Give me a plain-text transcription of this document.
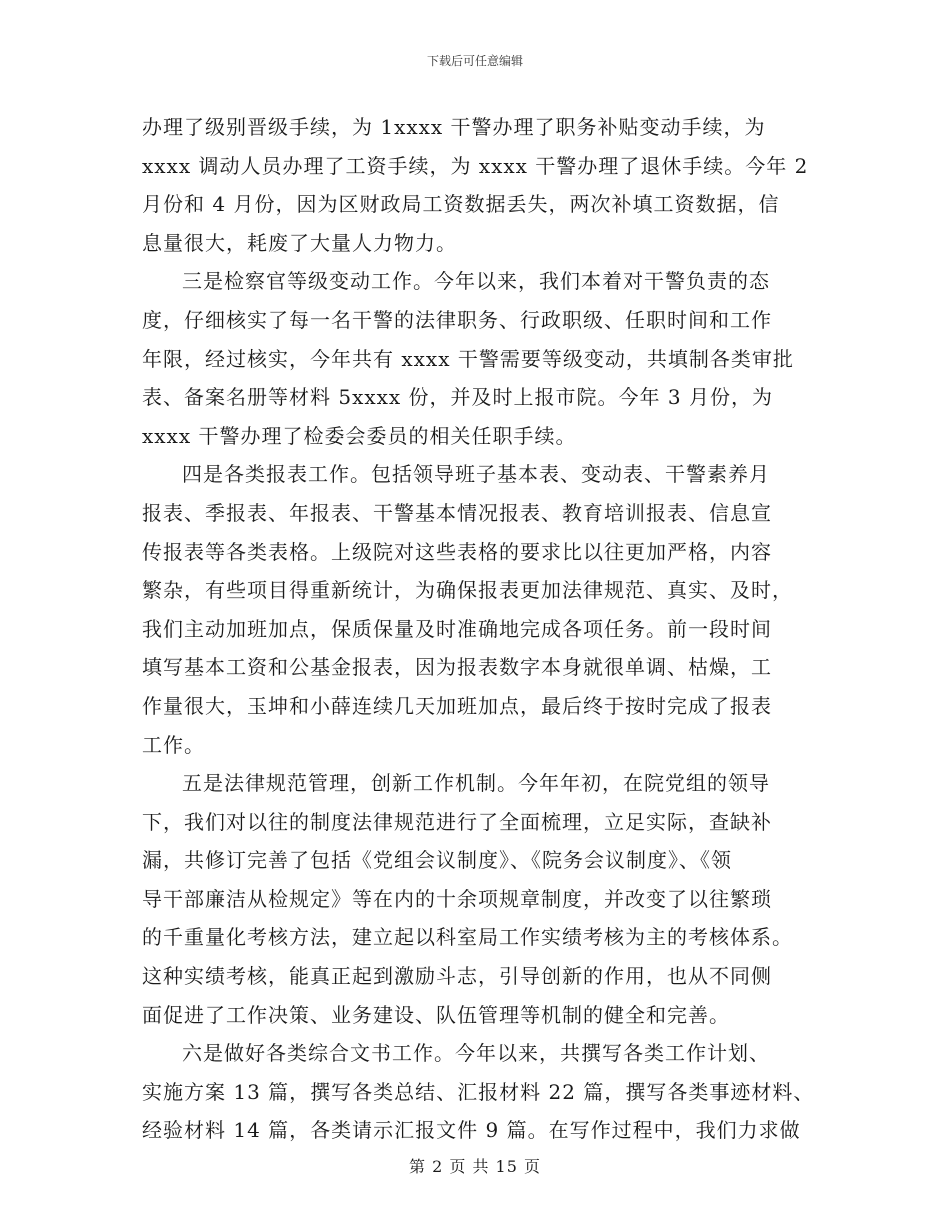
下载后可任意编辑
办理了级别晋级手续，为 1xxxx 干警办理了职务补贴变动手续，为
xxxx 调动人员办理了工资手续，为 xxxx 干警办理了退休手续。今年 2
月份和 4 月份，因为区财政局工资数据丢失，两次补填工资数据，信
息量很大，耗废了大量人力物力。
三是检察官等级变动工作。今年以来，我们本着对干警负责的态
度，仔细核实了每一名干警的法律职务、行政职级、任职时间和工作
年限，经过核实，今年共有 xxxx 干警需要等级变动，共填制各类审批
表、备案名册等材料 5xxxx 份，并及时上报市院。今年 3 月份，为
xxxx 干警办理了检委会委员的相关任职手续。
四是各类报表工作。包括领导班子基本表、变动表、干警素养月
报表、季报表、年报表、干警基本情况报表、教育培训报表、信息宣
传报表等各类表格。上级院对这些表格的要求比以往更加严格，内容
繁杂，有些项目得重新统计，为确保报表更加法律规范、真实、及时，
我们主动加班加点，保质保量及时准确地完成各项任务。前一段时间
填写基本工资和公基金报表，因为报表数字本身就很单调、枯燥，工
作量很大，玉坤和小薛连续几天加班加点，最后终于按时完成了报表
工作。
五是法律规范管理，创新工作机制。今年年初，在院党组的领导
下，我们对以往的制度法律规范进行了全面梳理，立足实际，查缺补
漏，共修订完善了包括《党组会议制度》、《院务会议制度》、《领
导干部廉洁从检规定》等在内的十余项规章制度，并改变了以往繁琐
的千重量化考核方法，建立起以科室局工作实绩考核为主的考核体系。
这种实绩考核，能真正起到激励斗志，引导创新的作用，也从不同侧
面促进了工作决策、业务建设、队伍管理等机制的健全和完善。
六是做好各类综合文书工作。今年以来，共撰写各类工作计划、
实施方案 13 篇，撰写各类总结、汇报材料 22 篇，撰写各类事迹材料、
经验材料 14 篇，各类请示汇报文件 9 篇。在写作过程中，我们力求做
第 2 页 共 15 页
